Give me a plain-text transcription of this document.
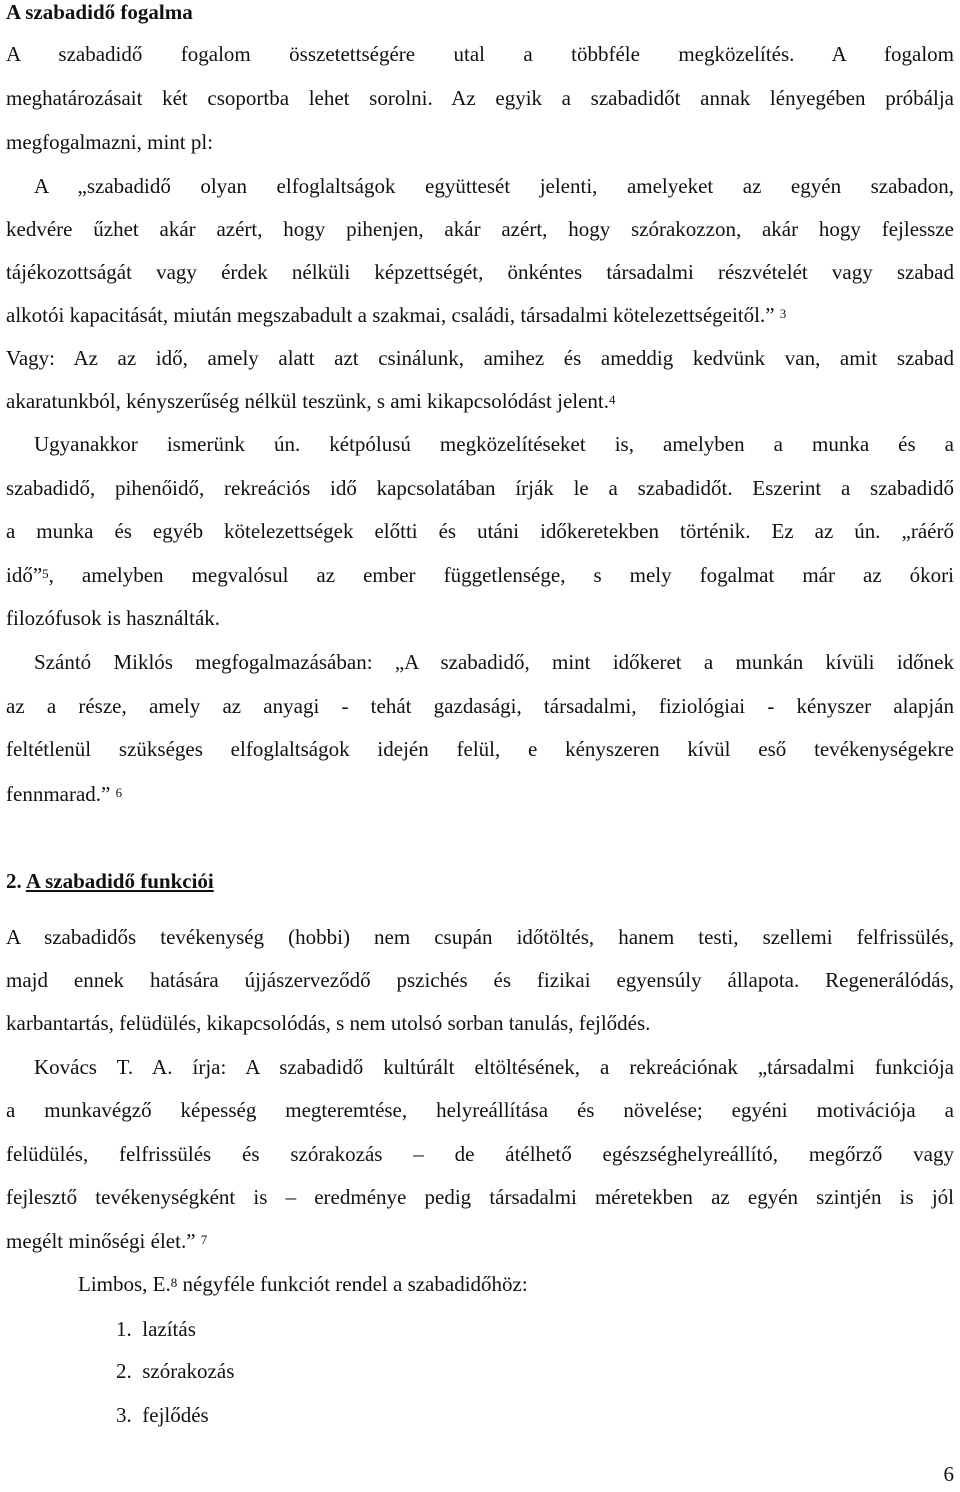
A szabadidő fogalma
A szabadidő fogalom összetettségére utal a többféle megközelítés. A fogalom
meghatározásait két csoportba lehet sorolni. Az egyik a szabadidőt annak lényegében próbálja
megfogalmazni, mint pl:
A „szabadidő olyan elfoglaltságok együttesét jelenti, amelyeket az egyén szabadon,
kedvére űzhet akár azért, hogy pihenjen, akár azért, hogy szórakozzon, akár hogy fejlessze
tájékozottságát vagy érdek nélküli képzettségét, önkéntes társadalmi részvételét vagy szabad
alkotói kapacitását, miután megszabadult a szakmai, családi, társadalmi kötelezettségeitől.” $^3$
Vagy: Az az idő, amely alatt azt csinálunk, amihez és ameddig kedvünk van, amit szabad
akaratunkból, kényszerűség nélkül teszünk, s ami kikapcsolódást jelent.$^4$
Ugyanakkor ismerünk ún. kétpólusú megközelítéseket is, amelyben a munka és a
szabadidő, pihenőidő, rekreációs idő kapcsolatában írják le a szabadidőt. Eszerint a szabadidő
a munka és egyéb kötelezettségek előtti és utáni időkeretekben történik. Ez az ún. „ráérő
idő”$^5$, amelyben megvalósul az ember függetlensége, s mely fogalmat már az ókori
filozófusok is használták.
Szántó Miklós megfogalmazásában: „A szabadidő, mint időkeret a munkán kívüli időnek
az a része, amely az anyagi - tehát gazdasági, társadalmi, fiziológiai - kényszer alapján
feltétlenül szükséges elfoglaltságok idején felül, e kényszeren kívül eső tevékenységekre
fennmarad.” $^6$
2. A szabadidő funkciói
A szabadidős tevékenység (hobbi) nem csupán időtöltés, hanem testi, szellemi felfrissülés,
majd ennek hatására újjászerveződő pszichés és fizikai egyensúly állapota. Regenerálódás,
karbantartás, felüdülés, kikapcsolódás, s nem utolsó sorban tanulás, fejlődés.
Kovács T. A. írja: A szabadidő kultúrált eltöltésének, a rekreációnak „társadalmi funkciója
a munkavégző képesség megteremtése, helyreállítása és növelése; egyéni motivációja a
felüdülés, felfrissülés és szórakozás – de átélhető egészséghelyreállító, megőrző vagy
fejlesztő tevékenységként is – eredménye pedig társadalmi méretekben az egyén szintjén is jól
megélt minőségi élet.” $^7$
Limbos, E.$^8$ négyféle funkciót rendel a szabadidőhöz:
1. lazítás
2. szórakozás
3. fejlődés
6
